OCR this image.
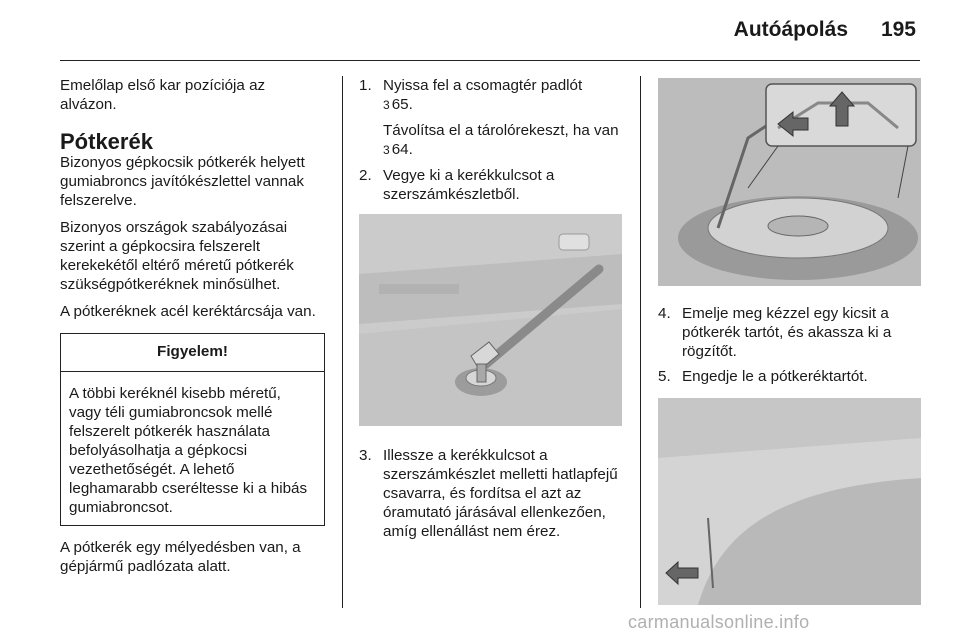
Autóápolás 195

Emelőlap első kar pozíciója az alvázon.

Pótkerék

Bizonyos gépkocsik pótkerék helyett gumiabroncs javítókészlettel vannak felszerelve.

Bizonyos országok szabályozásai szerint a gépkocsira felszerelt kerekekétől eltérő méretű pótkerék szükségpótkeréknek minősülhet.

A pótkeréknek acél keréktárcsája van.

Figyelem!
A többi keréknél kisebb méretű, vagy téli gumiabroncsok mellé felszerelt pótkerék használata befolyásolhatja a gépkocsi vezethetőségét. A lehető leghamarabb cseréltesse ki a hibás gumiabroncsot.

A pótkerék egy mélyedésben van, a gépjármű padlózata alatt.

1. Nyissa fel a csomagtér padlót
3 65.
Távolítsa el a tárolórekeszt, ha van 3 64.
2. Vegye ki a kerékkulcsot a szerszámkészletből.
3. Illessze a kerékkulcsot a szerszámkészlet melletti hatlapfejű csavarra, és fordítsa el azt az óramutató járásával ellenkezően, amíg ellenállást nem érez.
4. Emelje meg kézzel egy kicsit a pótkerék tartót, és akassza ki a rögzítőt.
5. Engedje le a pótkeréktartót.
carmanualsonline.info
